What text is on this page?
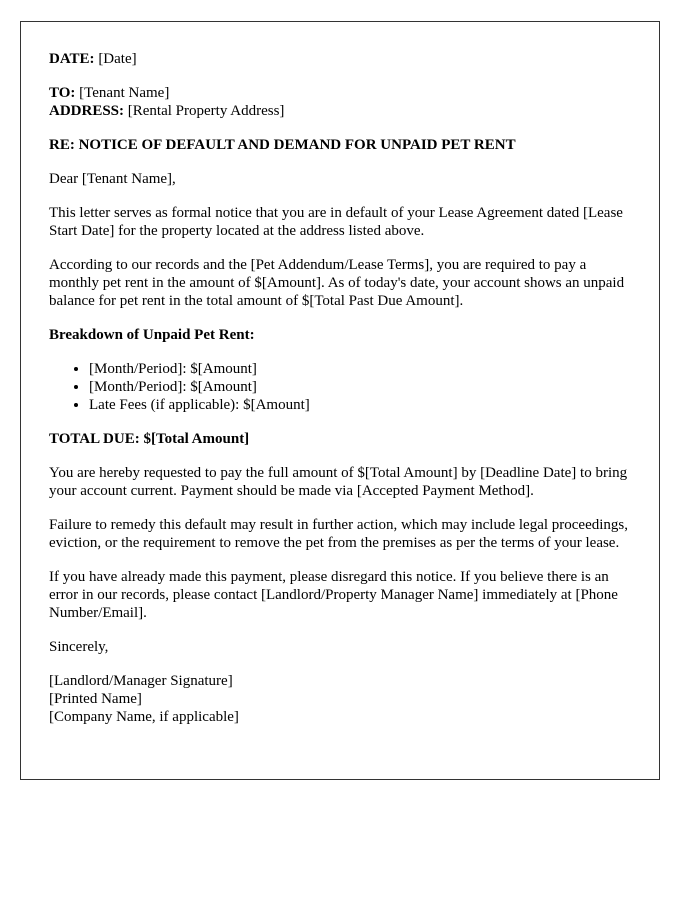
DATE: [Date]

TO: [Tenant Name]
ADDRESS: [Rental Property Address]

RE: NOTICE OF DEFAULT AND DEMAND FOR UNPAID PET RENT

Dear [Tenant Name],

This letter serves as formal notice that you are in default of your Lease Agreement dated [Lease Start Date] for the property located at the address listed above.

According to our records and the [Pet Addendum/Lease Terms], you are required to pay a monthly pet rent in the amount of $[Amount]. As of today's date, your account shows an unpaid balance for pet rent in the total amount of $[Total Past Due Amount].

Breakdown of Unpaid Pet Rent:

• [Month/Period]: $[Amount]
• [Month/Period]: $[Amount]
• Late Fees (if applicable): $[Amount]

TOTAL DUE: $[Total Amount]

You are hereby requested to pay the full amount of $[Total Amount] by [Deadline Date] to bring your account current. Payment should be made via [Accepted Payment Method].

Failure to remedy this default may result in further action, which may include legal proceedings, eviction, or the requirement to remove the pet from the premises as per the terms of your lease.

If you have already made this payment, please disregard this notice. If you believe there is an error in our records, please contact [Landlord/Property Manager Name] immediately at [Phone Number/Email].

Sincerely,

[Landlord/Manager Signature]

[Printed Name]

[Company Name, if applicable]
